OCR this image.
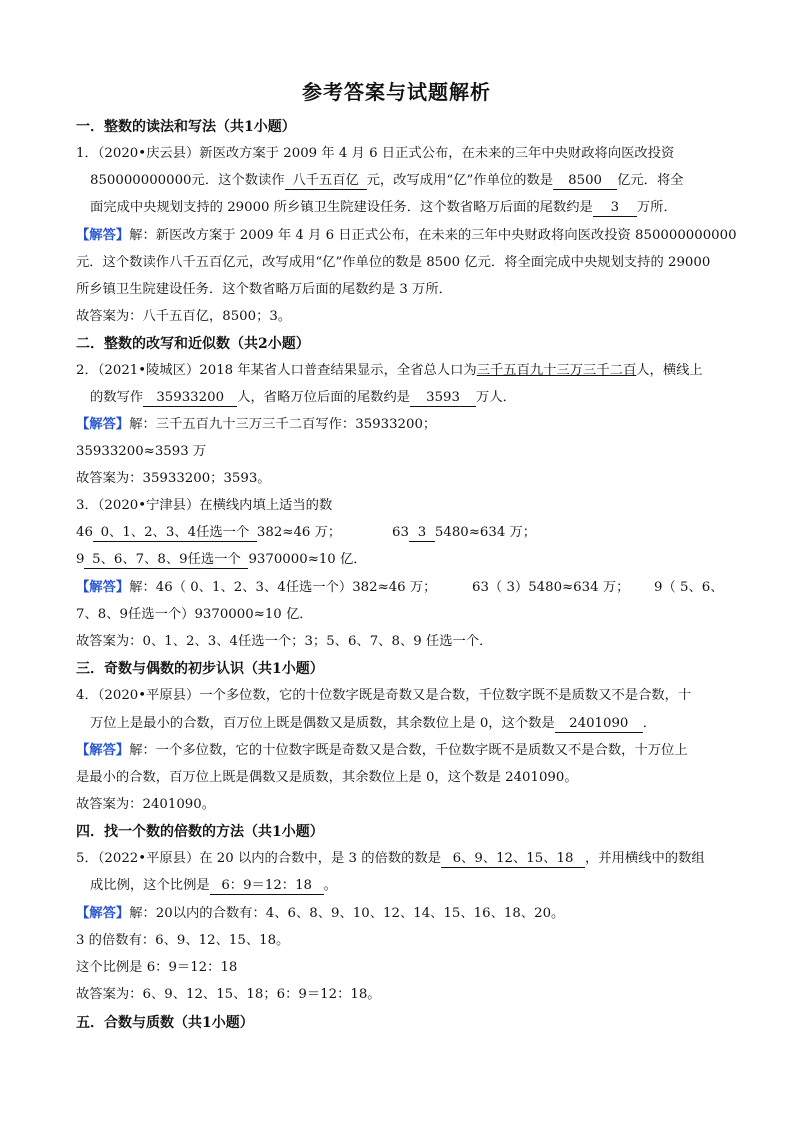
参考答案与试题解析
一．整数的读法和写法（共1小题）
1．（2020•庆云县）新医改方案于 2009 年 4 月 6 日正式公布，在未来的三年中央财政将向医改投资
850000000000元．这个数读作 八千五百亿 元，改写成用“亿”作单位的数是 8500 亿元．将全
面完成中央规划支持的 29000 所乡镇卫生院建设任务．这个数省略万后面的尾数约是 3 万所．
【解答】解：新医改方案于 2009 年 4 月 6 日正式公布，在未来的三年中央财政将向医改投资 850000000000
元．这个数读作八千五百亿元，改写成用“亿”作单位的数是 8500 亿元．将全面完成中央规划支持的 29000
所乡镇卫生院建设任务．这个数省略万后面的尾数约是 3 万所．
故答案为：八千五百亿，8500；3。
二．整数的改写和近似数（共2小题）
2．（2021•陵城区）2018 年某省人口普查结果显示，全省总人口为三千五百九十三万三千二百人，横线上
的数写作 35933200 人，省略万位后面的尾数约是 3593 万人．
【解答】解：三千五百九十三万三千二百写作：35933200；
35933200≈3593 万
故答案为：35933200；3593。
3．（2020•宁津县）在横线内填上适当的数
46 0、1、2、3、4任选一个 382≈46 万；	63 3 5480≈634 万；
9 5、6、7、8、9任选一个 9370000≈10 亿．
【解答】解：46（ 0、1、2、3、4任选一个）382≈46 万；	63（ 3）5480≈634 万； 9（ 5、6、
7、8、9任选一个）9370000≈10 亿．
故答案为：0、1、2、3、4任选一个；3；5、6、7、8、9 任选一个．
三．奇数与偶数的初步认识（共1小题）
4．（2020•平原县）一个多位数，它的十位数字既是奇数又是合数，千位数字既不是质数又不是合数，十
万位上是最小的合数，百万位上既是偶数又是质数，其余数位上是 0，这个数是 2401090 ．
【解答】解：一个多位数，它的十位数字既是奇数又是合数，千位数字既不是质数又不是合数，十万位上
是最小的合数，百万位上既是偶数又是质数，其余数位上是 0，这个数是 2401090。
故答案为：2401090。
四．找一个数的倍数的方法（共1小题）
5．（2022•平原县）在 20 以内的合数中，是 3 的倍数的数是 6、9、12、15、18 ，并用横线中的数组
成比例，这个比例是 6：9＝12：18 。
【解答】解：20以内的合数有：4、6、8、9、10、12、14、15、16、18、20。
3 的倍数有：6、9、12、15、18。
这个比例是 6：9＝12：18
故答案为：6、9、12、15、18；6：9＝12：18。
五．合数与质数（共1小题）
